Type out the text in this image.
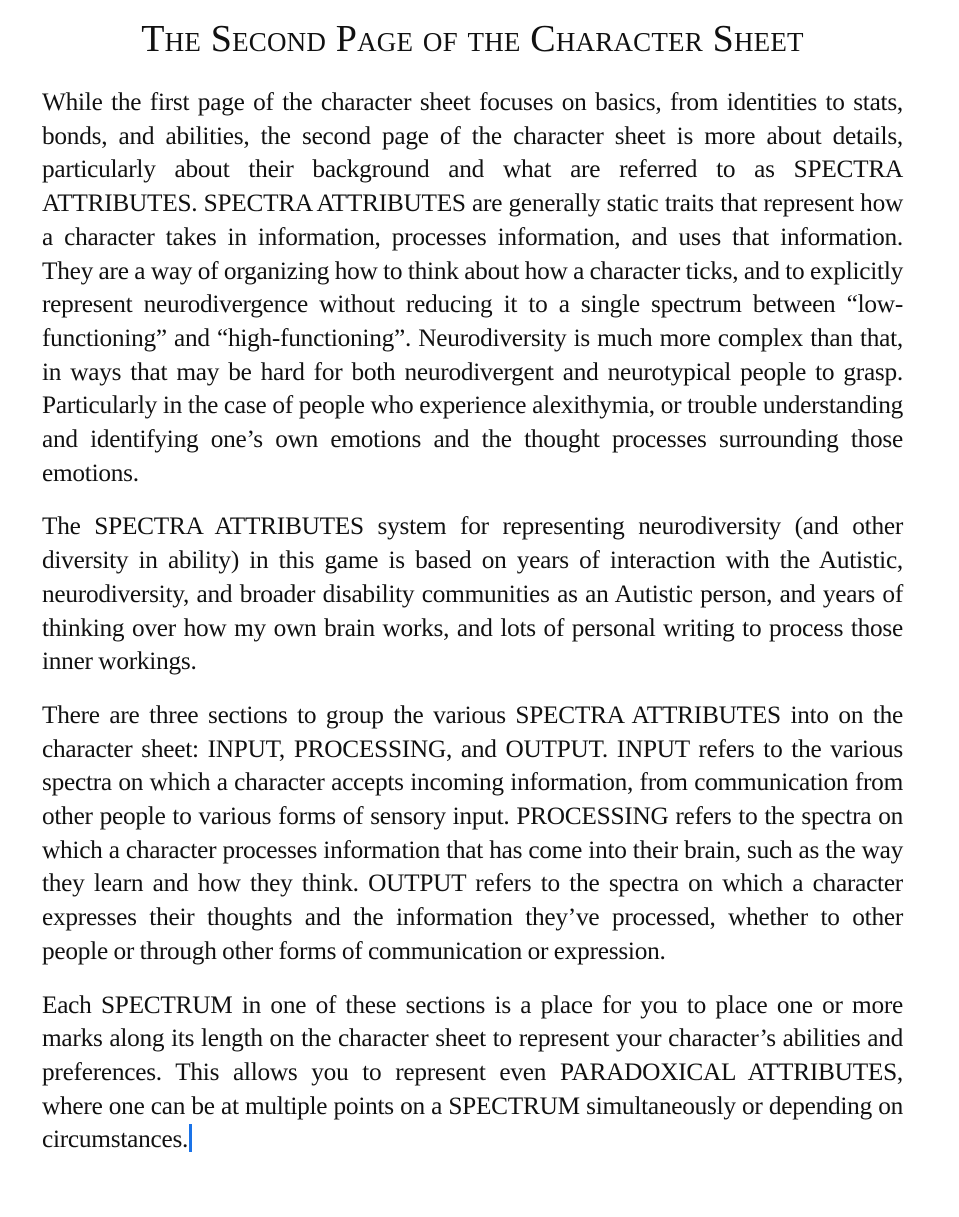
The Second Page of the Character Sheet

While the first page of the character sheet focuses on basics, from identities to stats, bonds, and abilities, the second page of the character sheet is more about details, particularly about their background and what are referred to as SPECTRA ATTRIBUTES. SPECTRA ATTRIBUTES are generally static traits that represent how a character takes in information, processes information, and uses that information. They are a way of organizing how to think about how a character ticks, and to explicitly represent neurodivergence without reducing it to a single spectrum between “low-functioning” and “high-functioning”. Neurodiversity is much more complex than that, in ways that may be hard for both neurodivergent and neurotypical people to grasp. Particularly in the case of people who experience alexithymia, or trouble understanding and identifying one’s own emotions and the thought processes surrounding those emotions.

The SPECTRA ATTRIBUTES system for representing neurodiversity (and other diversity in ability) in this game is based on years of interaction with the Autistic, neurodiversity, and broader disability communities as an Autistic person, and years of thinking over how my own brain works, and lots of personal writing to process those inner workings.

There are three sections to group the various SPECTRA ATTRIBUTES into on the character sheet: INPUT, PROCESSING, and OUTPUT. INPUT refers to the various spectra on which a character accepts incoming information, from communication from other people to various forms of sensory input. PROCESSING refers to the spectra on which a character processes information that has come into their brain, such as the way they learn and how they think. OUTPUT refers to the spectra on which a character expresses their thoughts and the information they’ve processed, whether to other people or through other forms of communication or expression.

Each SPECTRUM in one of these sections is a place for you to place one or more marks along its length on the character sheet to represent your character’s abilities and preferences. This allows you to represent even PARADOXICAL ATTRIBUTES, where one can be at multiple points on a SPECTRUM simultaneously or depending on circumstances.
